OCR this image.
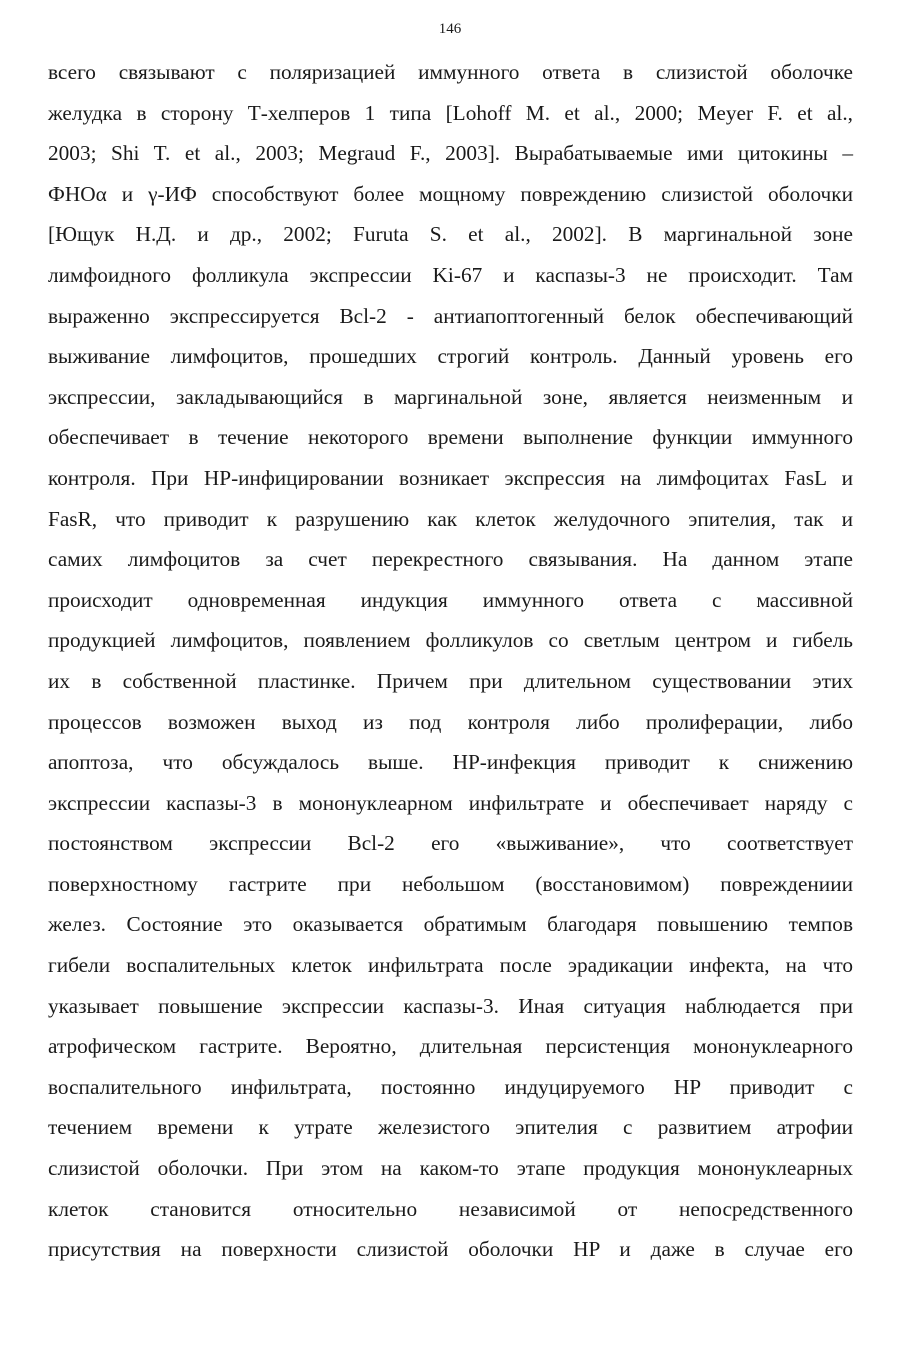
146
всего связывают с поляризацией иммунного ответа в слизистой оболочке
желудка в сторону Т-хелперов 1 типа [Lohoff M. et al., 2000; Meyer F. et al.,
2003; Shi T. et al., 2003; Megraud F., 2003]. Вырабатываемые ими цитокины –
ФНОα и γ-ИФ способствуют более мощному повреждению слизистой оболочки
[Ющук Н.Д. и др., 2002; Furuta S. et al., 2002]. В маргинальной зоне
лимфоидного фолликула экспрессии Ki-67 и каспазы-3 не происходит. Там
выраженно экспрессируется Bcl-2 - антиапоптогенный белок обеспечивающий
выживание лимфоцитов, прошедших строгий контроль. Данный уровень его
экспрессии, закладывающийся в маргинальной зоне, является неизменным и
обеспечивает в течение некоторого времени выполнение функции иммунного
контроля. При HP-инфицировании возникает экспрессия на лимфоцитах FasL и
FasR, что приводит к разрушению как клеток желудочного эпителия, так и
самих лимфоцитов за счет перекрестного связывания. На данном этапе
происходит одновременная индукция иммунного ответа с массивной
продукцией лимфоцитов, появлением фолликулов со светлым центром и гибель
их в собственной пластинке. Причем при длительном существовании этих
процессов возможен выход из под контроля либо пролиферации, либо
апоптоза, что обсуждалось выше. HP-инфекция приводит к снижению
экспрессии каспазы-3 в мононуклеарном инфильтрате и обеспечивает наряду с
постоянством экспрессии Bcl-2 его «выживание», что соответствует
поверхностному гастрите при небольшом (восстановимом) повреждениии
желез. Состояние это оказывается обратимым благодаря повышению темпов
гибели воспалительных клеток инфильтрата после эрадикации инфекта, на что
указывает повышение экспрессии каспазы-3. Иная ситуация наблюдается при
атрофическом гастрите. Вероятно, длительная персистенция мононуклеарного
воспалительного инфильтрата, постоянно индуцируемого HP приводит с
течением времени к утрате железистого эпителия с развитием атрофии
слизистой оболочки. При этом на каком-то этапе продукция мононуклеарных
клеток становится относительно независимой от непосредственного
присутствия на поверхности слизистой оболочки HP и даже в случае его
